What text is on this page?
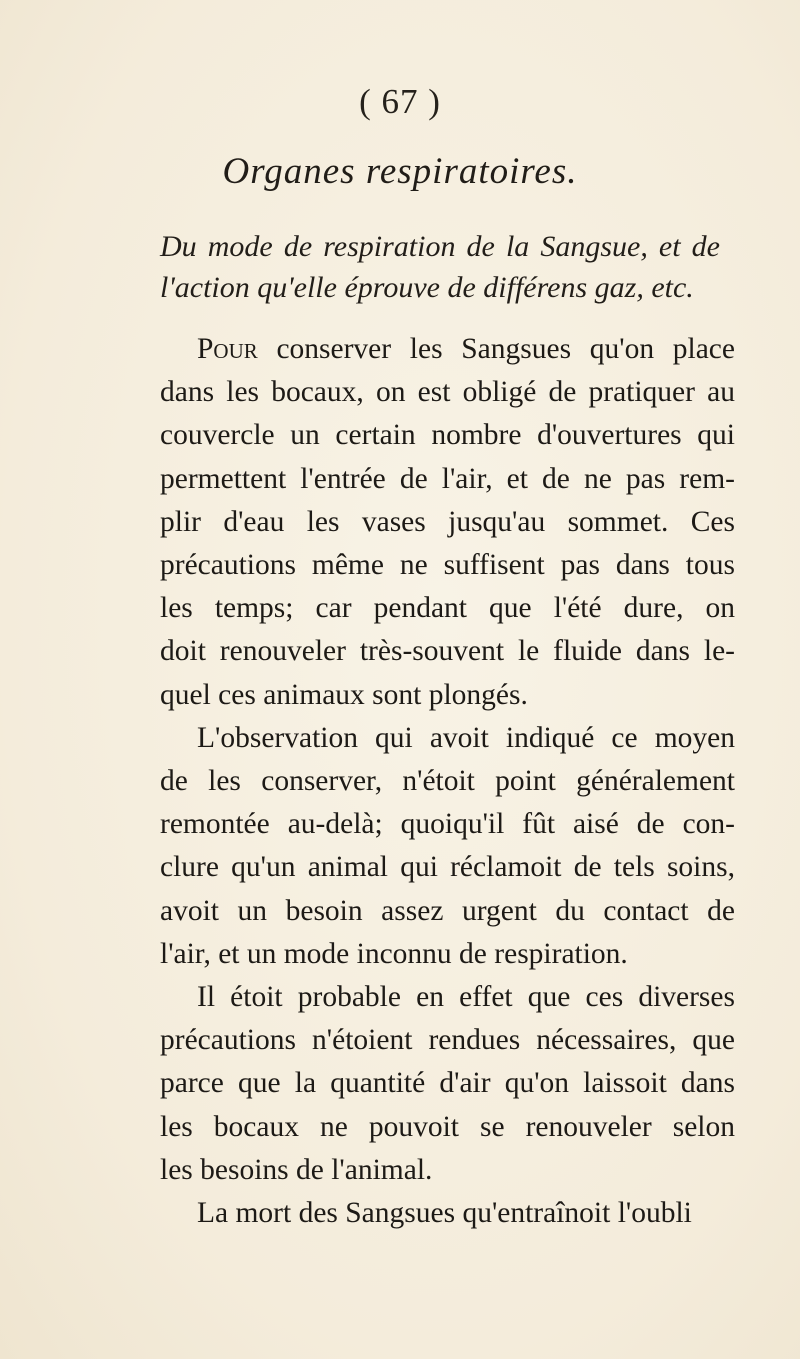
( 67 )
Organes respiratoires.
Du mode de respiration de la Sangsue, et de l'action qu'elle éprouve de différens gaz, etc.
Pour conserver les Sangsues qu'on place
dans les bocaux, on est obligé de pratiquer au
couvercle un certain nombre d'ouvertures qui
permettent l'entrée de l'air, et de ne pas rem-
plir d'eau les vases jusqu'au sommet. Ces
précautions même ne suffisent pas dans tous
les temps; car pendant que l'été dure, on
doit renouveler très-souvent le fluide dans le-
quel ces animaux sont plongés.
L'observation qui avoit indiqué ce moyen
de les conserver, n'étoit point généralement
remontée au-delà; quoiqu'il fût aisé de con-
clure qu'un animal qui réclamoit de tels soins,
avoit un besoin assez urgent du contact de
l'air, et un mode inconnu de respiration.
Il étoit probable en effet que ces diverses
précautions n'étoient rendues nécessaires, que
parce que la quantité d'air qu'on laissoit dans
les bocaux ne pouvoit se renouveler selon
les besoins de l'animal.
La mort des Sangsues qu'entraînoit l'oubli
